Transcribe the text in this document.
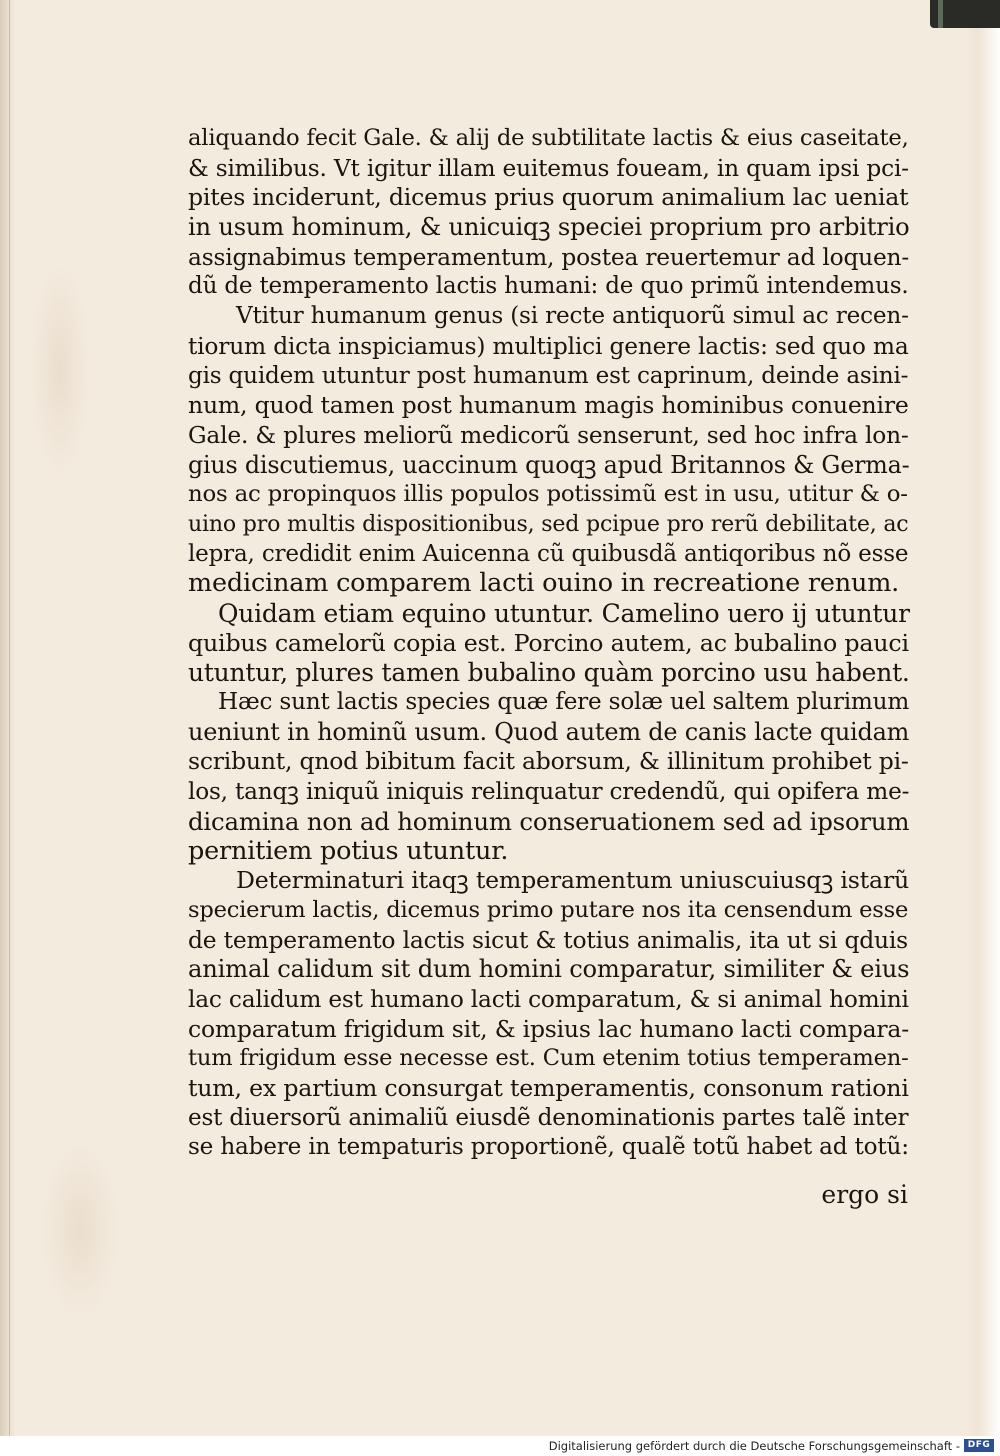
aliquando fecit Gale. & alij de subtilitate lactis & eius caseitate,
& similibus. Vt igitur illam euitemus foueam, in quam ipsi pci-
pites inciderunt, dicemus prius quorum animalium lac ueniat
in usum hominum, & unicuiqꝫ speciei proprium pro arbitrio
assignabimus temperamentum, postea reuertemur ad loquen-
dũ de temperamento lactis humani: de quo primũ intendemus.
Vtitur humanum genus (si recte antiquorũ simul ac recen-
tiorum dicta inspiciamus) multiplici genere lactis: sed quo ma
gis quidem utuntur post humanum est caprinum, deinde asini-
num, quod tamen post humanum magis hominibus conuenire
Gale. & plures meliorũ medicorũ senserunt, sed hoc infra lon-
gius discutiemus, uaccinum quoqꝫ apud Britannos & Germa-
nos ac propinquos illis populos potissimũ est in usu, utitur & o-
uino pro multis dispositionibus, sed pcipue pro rerũ debilitate, ac
lepra, credidit enim Auicenna cũ quibusdã antiqoribus nõ esse
medicinam comparem lacti ouino in recreatione renum.
Quidam etiam equino utuntur. Camelino uero ij utuntur
quibus camelorũ copia est. Porcino autem, ac bubalino pauci
utuntur, plures tamen bubalino quàm porcino usu habent.
Hæc sunt lactis species quæ fere solæ uel saltem plurimum
ueniunt in hominũ usum. Quod autem de canis lacte quidam
scribunt, qnod bibitum facit aborsum, & illinitum prohibet pi-
los, tanqꝫ iniquũ iniquis relinquatur credendũ, qui opifera me-
dicamina non ad hominum conseruationem sed ad ipsorum
pernitiem potius utuntur.
Determinaturi itaqꝫ temperamentum uniuscuiusqꝫ istarũ
specierum lactis, dicemus primo putare nos ita censendum esse
de temperamento lactis sicut & totius animalis, ita ut si qduis
animal calidum sit dum homini comparatur, similiter & eius
lac calidum est humano lacti comparatum, & si animal homini
comparatum frigidum sit, & ipsius lac humano lacti compara-
tum frigidum esse necesse est. Cum etenim totius temperamen-
tum, ex partium consurgat temperamentis, consonum rationi
est diuersorũ animaliũ eiusdẽ denominationis partes talẽ inter
se habere in tempaturis proportionẽ, qualẽ totũ habet ad totũ:
ergo si
Digitalisierung gefördert durch die Deutsche Forschungsgemeinschaft - DFG
